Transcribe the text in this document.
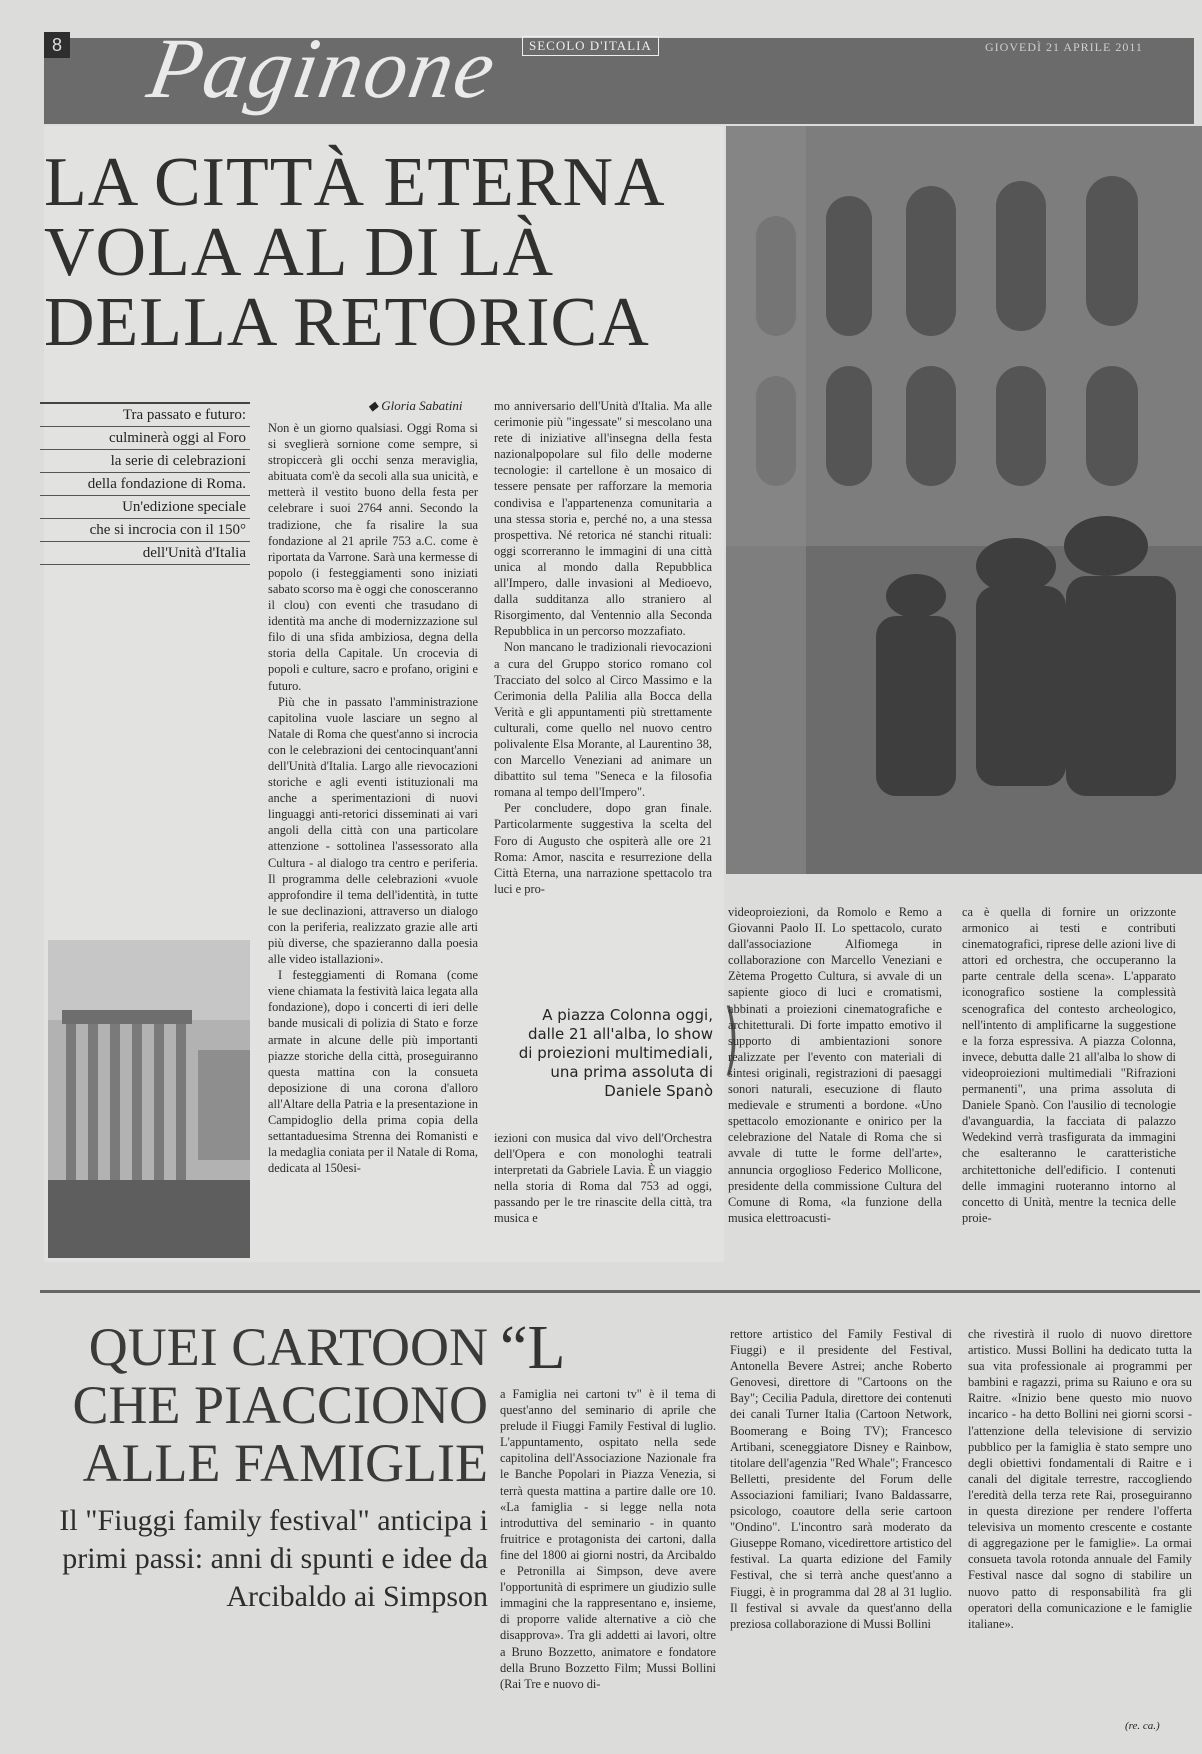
8 Paginone	SECOLO D'ITALIA	GIOVEDÌ 21 APRILE 2011
LA CITTÀ ETERNA VOLA AL DI LÀ DELLA RETORICA
Tra passato e futuro:
culminerà oggi al Foro
la serie di celebrazioni
della fondazione di Roma.
Un'edizione speciale
che si incrocia con il 150°
dell'Unità d'Italia
◆ Gloria Sabatini

Non è un giorno qualsiasi. Oggi Roma si si sveglierà sornione come sempre, si stropiccerà gli occhi senza meraviglia, abituata com'è da secoli alla sua unicità, e metterà il vestito buono della festa per celebrare i suoi 2764 anni. Secondo la tradizione, che fa risalire la sua fondazione al 21 aprile 753 a.C. come è riportata da Varrone. Sarà una kermesse di popolo (i festeggiamenti sono iniziati sabato scorso ma è oggi che conosceranno il clou) con eventi che trasudano di identità ma anche di modernizzazione sul filo di una sfida ambiziosa, degna della storia della Capitale. Un crocevia di popoli e culture, sacro e profano, origini e futuro.

Più che in passato l'amministrazione capitolina vuole lasciare un segno al Natale di Roma che quest'anno si incrocia con le celebrazioni dei centocinquant'anni dell'Unità d'Italia. Largo alle rievocazioni storiche e agli eventi istituzionali ma anche a sperimentazioni di nuovi linguaggi anti-retorici disseminati ai vari angoli della città con una particolare attenzione - sottolinea l'assessorato alla Cultura - al dialogo tra centro e periferia. Il programma delle celebrazioni «vuole approfondire il tema dell'identità, in tutte le sue declinazioni, attraverso un dialogo con la periferia, realizzato grazie alle arti più diverse, che spazieranno dalla poesia alle video istallazioni».

I festeggiamenti di Romana (come viene chiamata la festività laica legata alla fondazione), dopo i concerti di ieri delle bande musicali di polizia di Stato e forze armate in alcune delle più importanti piazze storiche della città, proseguiranno questa mattina con la consueta deposizione di una corona d'alloro all'Altare della Patria e la presentazione in Campidoglio della prima copia della settantaduesima Strenna dei Romanisti e la medaglia coniata per il Natale di Roma, dedicata al 150esi-

mo anniversario dell'Unità d'Italia. Ma alle cerimonie più "ingessate" si mescolano una rete di iniziative all'insegna della festa nazionalpopolare sul filo delle moderne tecnologie: il cartellone è un mosaico di tessere pensate per rafforzare la memoria condivisa e l'appartenenza comunitaria a una stessa storia e, perché no, a una stessa prospettiva. Né retorica né stanchi rituali: oggi scorreranno le immagini di una città unica al mondo dalla Repubblica all'Impero, dalle invasioni al Medioevo, dalla sudditanza allo straniero al Risorgimento, dal Ventennio alla Seconda Repubblica in un percorso mozzafiato.

Non mancano le tradizionali rievocazioni a cura del Gruppo storico romano col Tracciato del solco al Circo Massimo e la Cerimonia della Palilia alla Bocca della Verità e gli appuntamenti più strettamente culturali, come quello nel nuovo centro polivalente Elsa Morante, al Laurentino 38, con Marcello Veneziani ad animare un dibattito sul tema "Seneca e la filosofia romana al tempo dell'Impero".

Per concludere, dopo gran finale. Particolarmente suggestiva la scelta del Foro di Augusto che ospiterà alle ore 21 Roma: Amor, nascita e resurrezione della Città Eterna, una narrazione spettacolo tra luci e pro-

A piazza Colonna oggi, dalle 21 all'alba, lo show di proiezioni multimediali, una prima assoluta di Daniele Spanò
)
iezioni con musica dal vivo dell'Orchestra dell'Opera e con monologhi teatrali interpretati da Gabriele Lavia. È un viaggio nella storia di Roma dal 753 ad oggi, passando per le tre rinascite della città, tra musica e
videoproiezioni, da Romolo e Remo a Giovanni Paolo II. Lo spettacolo, curato dall'associazione Alfiomega in collaborazione con Marcello Veneziani e Zètema Progetto Cultura, si avvale di un sapiente gioco di luci e cromatismi, abbinati a proiezioni cinematografiche e architetturali. Di forte impatto emotivo il supporto di ambientazioni sonore realizzate per l'evento con materiali di sintesi originali, registrazioni di paesaggi sonori naturali, esecuzione di flauto medievale e strumenti a bordone. «Uno spettacolo emozionante e onirico per la celebrazione del Natale di Roma che si avvale di tutte le forme dell'arte», annuncia orgoglioso Federico Mollicone, presidente della commissione Cultura del Comune di Roma, «la funzione della musica elettroacusti-
ca è quella di fornire un orizzonte armonico ai testi e contributi cinematografici, riprese delle azioni live di attori ed orchestra, che occuperanno la parte centrale della scena». L'apparato iconografico sostiene la complessità scenografica del contesto archeologico, nell'intento di amplificarne la suggestione e la forza espressiva. A piazza Colonna, invece, debutta dalle 21 all'alba lo show di videoproiezioni multimediali "Rifrazioni permanenti", una prima assoluta di Daniele Spanò. Con l'ausilio di tecnologie d'avanguardia, la facciata di palazzo Wedekind verrà trasfigurata da immagini che esalteranno le caratteristiche architettoniche dell'edificio. I contenuti delle immagini ruoteranno intorno al concetto di Unità, mentre la tecnica delle proie-
QUEI CARTOON CHE PIACCIONO ALLE FAMIGLIE
Il "Fiuggi family festival" anticipa i primi passi: anni di spunti e idee da Arcibaldo ai Simpson
“L
a Famiglia nei cartoni tv" è il tema di quest'anno del seminario di aprile che prelude il Fiuggi Family Festival di luglio. L'appuntamento, ospitato nella sede capitolina dell'Associazione Nazionale fra le Banche Popolari in Piazza Venezia, si terrà questa mattina a partire dalle ore 10. «La famiglia - si legge nella nota introduttiva del seminario - in quanto fruitrice e protagonista dei cartoni, dalla fine del 1800 ai giorni nostri, da Arcibaldo e Petronilla ai Simpson, deve avere l'opportunità di esprimere un giudizio sulle immagini che la rappresentano e, insieme, di proporre valide alternative a ciò che disapprova». Tra gli addetti ai lavori, oltre a Bruno Bozzetto, animatore e fondatore della Bruno Bozzetto Film; Mussi Bollini (Rai Tre e nuovo di-
rettore artistico del Family Festival di Fiuggi) e il presidente del Festival, Antonella Bevere Astrei; anche Roberto Genovesi, direttore di "Cartoons on the Bay"; Cecilia Padula, direttore dei contenuti dei canali Turner Italia (Cartoon Network, Boomerang e Boing TV); Francesco Artibani, sceneggiatore Disney e Rainbow, titolare dell'agenzia "Red Whale"; Francesco Belletti, presidente del Forum delle Associazioni familiari; Ivano Baldassarre, psicologo, coautore della serie cartoon "Ondino". L'incontro sarà moderato da Giuseppe Romano, vicedirettore artistico del festival. La quarta edizione del Family Festival, che si terrà anche quest'anno a Fiuggi, è in programma dal 28 al 31 luglio. Il festival si avvale da quest'anno della preziosa collaborazione di Mussi Bollini
che rivestirà il ruolo di nuovo direttore artistico. Mussi Bollini ha dedicato tutta la sua vita professionale ai programmi per bambini e ragazzi, prima su Raiuno e ora su Raitre. «Inizio bene questo mio nuovo incarico - ha detto Bollini nei giorni scorsi - l'attenzione della televisione di servizio pubblico per la famiglia è stato sempre uno degli obiettivi fondamentali di Raitre e i canali del digitale terrestre, raccogliendo l'eredità della terza rete Rai, proseguiranno in questa direzione per rendere l'offerta televisiva un momento crescente e costante di aggregazione per le famiglie». La ormai consueta tavola rotonda annuale del Family Festival nasce dal sogno di stabilire un nuovo patto di responsabilità fra gli operatori della comunicazione e le famiglie italiane».
(re. ca.)
